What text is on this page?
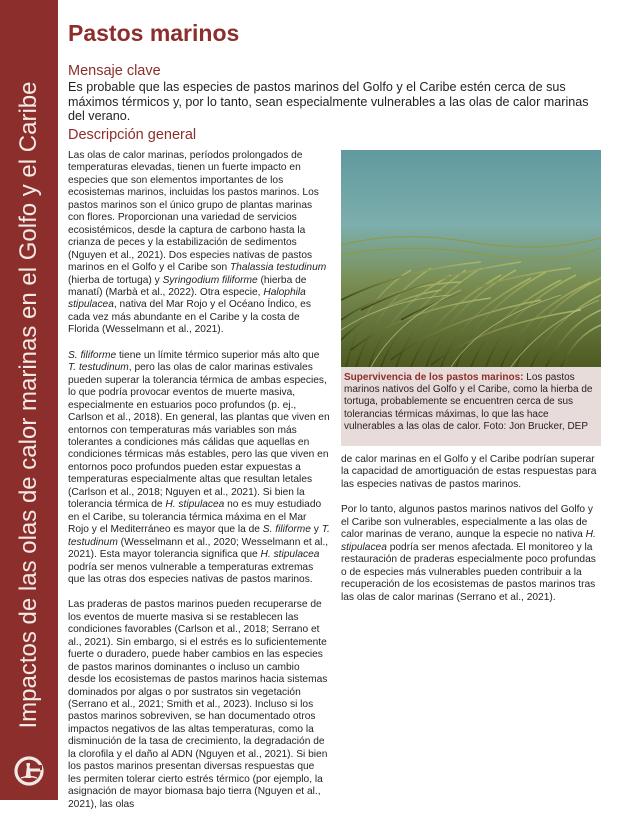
Impactos de las olas de calor marinas en el Golfo y el Caribe
Pastos marinos
Mensaje clave

Es probable que las especies de pastos marinos del Golfo y el Caribe estén cerca de sus máximos térmicos y, por lo tanto, sean especialmente vulnerables a las olas de calor marinas del verano.

Descripción general

Las olas de calor marinas, períodos prolongados de temperaturas elevadas, tienen un fuerte impacto en especies que son elementos importantes de los ecosistemas marinos, incluidas los pastos marinos. Los pastos marinos son el único grupo de plantas marinas con flores. Proporcionan una variedad de servicios ecosistémicos, desde la captura de carbono hasta la crianza de peces y la estabilización de sedimentos (Nguyen et al., 2021). Dos especies nativas de pastos marinos en el Golfo y el Caribe son Thalassia testudinum (hierba de tortuga) y Syringodium filiforme (hierba de manatí) (Marbà et al., 2022). Otra especie, Halophila stipulacea, nativa del Mar Rojo y el Océano Índico, es cada vez más abundante en el Caribe y la costa de Florida (Wesselmann et al., 2021).

S. filiforme tiene un límite térmico superior más alto que T. testudinum, pero las olas de calor marinas estivales pueden superar la tolerancia térmica de ambas especies, lo que podría provocar eventos de muerte masiva, especialmente en estuarios poco profundos (p. ej., Carlson et al., 2018). En general, las plantas que viven en entornos con temperaturas más variables son más tolerantes a condiciones más cálidas que aquellas en condiciones térmicas más estables, pero las que viven en entornos poco profundos pueden estar expuestas a temperaturas especialmente altas que resultan letales (Carlson et al., 2018; Nguyen et al., 2021). Si bien la tolerancia térmica de H. stipulacea no es muy estudiado en el Caribe, su tolerancia térmica máxima en el Mar Rojo y el Mediterráneo es mayor que la de S. filiforme y T. testudinum (Wesselmann et al., 2020; Wesselmann et al., 2021). Esta mayor tolerancia significa que H. stipulacea podría ser menos vulnerable a temperaturas extremas que las otras dos especies nativas de pastos marinos.

Las praderas de pastos marinos pueden recuperarse de los eventos de muerte masiva si se restablecen las condiciones favorables (Carlson et al., 2018; Serrano et al., 2021). Sin embargo, si el estrés es lo suficientemente fuerte o duradero, puede haber cambios en las especies de pastos marinos dominantes o incluso un cambio desde los ecosistemas de pastos marinos hacia sistemas dominados por algas o por sustratos sin vegetación (Serrano et al., 2021; Smith et al., 2023). Incluso si los pastos marinos sobreviven, se han documentado otros impactos negativos de las altas temperaturas, como la disminución de la tasa de crecimiento, la degradación de la clorofila y el daño al ADN (Nguyen et al., 2021). Si bien los pastos marinos presentan diversas respuestas que les permiten tolerar cierto estrés térmico (por ejemplo, la asignación de mayor biomasa bajo tierra (Nguyen et al., 2021), las olas

Supervivencia de los pastos marinos: Los pastos marinos nativos del Golfo y el Caribe, como la hierba de tortuga, probablemente se encuentren cerca de sus tolerancias térmicas máximas, lo que las hace vulnerables a las olas de calor. Foto: Jon Brucker, DEP

de calor marinas en el Golfo y el Caribe podrían superar la capacidad de amortiguación de estas respuestas para las especies nativas de pastos marinos.

Por lo tanto, algunos pastos marinos nativos del Golfo y el Caribe son vulnerables, especialmente a las olas de calor marinas de verano, aunque la especie no nativa H. stipulacea podría ser menos afectada. El monitoreo y la restauración de praderas especialmente poco profundas o de especies más vulnerables pueden contribuir a la recuperación de los ecosistemas de pastos marinos tras las olas de calor marinas (Serrano et al., 2021).
